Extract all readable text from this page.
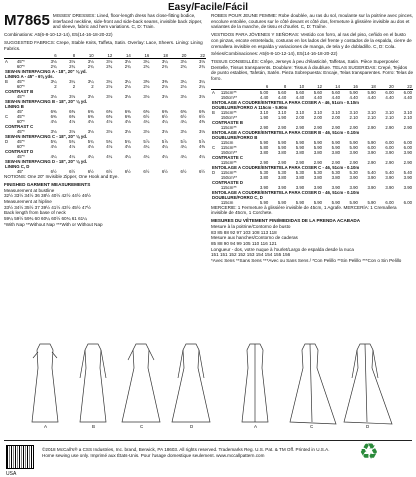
Easy/Facile/Fácil
M7865 MISSES' DRESSES: Lined, floor-length dress has close-fitting bodice, interfaced neckline, side-front and side-back seams, invisible back zipper, and sleeve, fabric and hem variations. C, D: Train.
Combinations: A5(6-8-10-12-14), E5(14-16-18-20-22)
SUGGESTED FABRICS: Crepe, Stable Knits, Taffeta, Satin. Overlay: Lace, Sheers. Lining: Lining Fabrics.
		6	8	10	12	14	16	18	20	22
A	45"*	3⅛	3⅛	3⅛	3⅛	3⅛	3¼	3¼	3⅛	3⅛
	60"*	2¾	2¾	2¾	2¾	2¾	2¾	2¾	2¾	2¾
SEW-IN INTERFACING A - 18", 20" ⅛ yd.										
LINING A - 45" - 6⅜ yds.										
B	45"*	3¼	3¼	3¼	3¼	3¼	3⅜	3⅜	3¼	3¼
	60"*	2	2	2	2⅛	2⅛	2⅛	2⅛	2⅛	2¼
CONTRAST B										
	45"*	3⅛	3⅛	3⅛	3⅛	3⅛	3⅛	3⅛	3⅛	3⅛
SEW-IN INTERFACING B - 18", 20" ⅛ yd.										
LINING B										
	45"	6⅜	6⅜	6⅜	6⅜	6⅜	6⅜	6⅜	6⅜	6⅜
C	45"*	6⅜	6⅜	6⅜	6⅜	6⅜	6½	6½	6½	6½
	60"*	4⅛	4⅛	4⅛	4⅛	4⅛	4¼	4¼	4¼	4⅜
CONTRAST C										
	45"*	3⅛	3⅛	3⅛	3⅛	3⅛	3⅛	3⅛	3⅛	3⅛
SEW-IN INTERFACING C - 18", 20" ⅛ yd.										
D	45"*	5¾	5¾	5¾	5¾	5¾	5⅞	5⅞	5⅞	5⅞
	60"*	4⅛	4⅛	4⅛	4⅛	4⅛	4¼	4¼	4¼	4⅜
CONTRAST D										
	45"*	4¼	4¼	4¼	4¼	4¼	4¼	4¼	4¼	4¼
SEW-IN INTERFACING D - 18", 20" ⅛ yd.										
LINING C, D										
	45"	6½	6½	6½	6½	6½	6½	6½	6½	6½
NOTIONS: One 20" Invisible Zipper, One Hook and Eye.
FINISHED GARMENT MEASUREMENTS
Measurement at bustline
32½ 33½ 34½ 36 38½ 40½ 42½ 44½ 46½
Measurement at hipline
33½ 34½ 35½ 37 39½ 41½ 43½ 45½ 47½
Back length from base of neck
59¼ 59½ 59¾ 60 60¼ 60½ 60¾ 61 61¼
*With Nap **Without Nap ***With or Without Nap
ROBES POUR JEUNE FEMME: Robe doublée, au ras du sol, moulante sur la poitrine avec pinces, encolure entoilée, coutures sur le côté devant et côté dos, fermeture à glissière invisible au dos et variantes de la manche, de tissu et d'ourlet. C, D: Traîne.
VESTIDOS PARA JÓVENES Y SEÑORAS: Vestido con forro, al ras del piso, ceñido en el busto con pinzas, escote entretelado, costuras en los lados del frente y costados de la espalda, cierre de cremallera invisible en espalda y variaciones de manga, de tela y de dobladillo. C, D: Cola.
Séries/Combinaciones: A5(6-8-10-12-14), E5(14-16-18-20-22)
TISSUS CONSEILLÉS: Crêpe, Jerseys à peu d'élasticité, Taffetas, Satin. Pièce Superposée: Dentelle, Tissus transparents. Doublure: Tissus à doublure. TELAS SUGERIDAS: Crepé, Tejidos de punto estables, Tafetán, Satén. Pieza Sobrepuesta: Encaje, Telas transparentes. Forro: Telas de forro.
		6	8	10	12	14	16	18	20	22
A	115cm**	5.00	5.60	5.60	5.60	5.60	5.90	5.90	6.00	6.00
	150cm**	4.40	4.40	4.40	4.40	4.40	4.40	4.40	4.40	4.40
ENTOILAGE A COUDRE/ENTRETELA PARA COSER A - 46, 51cm - 0.10m										
DOUBLURE/FORRO A 115cm - 5.90m										
B	115cm**	3.10	3.10	3.10	3.10	3.10	3.10	3.10	3.10	3.10
	150cm**	1.90	1.90	2.00	2.00	2.00	2.10	2.10	2.10	2.10
CONTRASTE B										
	115cm**	2.90	2.90	2.90	2.90	2.90	2.90	2.90	2.90	2.90
ENTOILAGE A COUDRE/ENTRETELA PARA COSER B - 46, 51cm - 0.10m										
DOUBLURE/FORRO B										
	115cm	5.90	5.90	5.90	5.90	5.90	5.90	5.90	6.00	6.00
C	115cm**	5.80	5.90	5.90	5.90	5.90	5.90	6.00	6.00	6.00
	150cm**	3.80	3.80	3.80	3.80	3.80	3.90	3.90	3.90	3.90
CONTRASTE C										
	115cm**	2.90	2.90	2.90	2.90	2.90	2.90	2.90	2.90	2.90
ENTOILAGE A COUDRE/ENTRETELA PARA COSER C - 46, 51cm - 0.10m										
D	115cm**	5.30	5.30	5.30	5.30	5.30	5.30	5.40	5.40	5.40
	150cm**	3.80	3.80	3.80	3.80	3.80	3.90	3.90	3.90	3.90
CONTRASTE D										
	115cm**	3.90	3.90	3.90	3.90	3.90	3.90	3.90	3.90	3.90
ENTOILAGE A COUDRE/ENTRETELA PARA COSER D - 46, 51cm - 0.10m										
DOUBLURE/FORRO C, D										
	115cm	5.90	5.90	5.90	5.90	5.90	5.90	5.90	6.00	6.00
MERCERIE: 1 Fermeture à glissière invisible de 45cm, 1 Agrafe. MERCERÍA: 1 Cremallera invisible de 45cm, 1 Corchete.
MESURES DU VÊTEMENT FINI/MEDIDAS DE LA PRENDA ACABADA
Mesure à la poitrine/Contorno de busto
83 85 88 92 97 103 108 113 118
Mesure aux hanches/Contorno de caderas
85 88 90 94 99 105 110 116 121
Longueur - dos, votre nuque à l'ourlet/Largo de espalda desde la nuca
151 151 152 152 153 154 154 155 156
*Avec Sens **Sans Sens ***Avec ou Sans Sens / *Con Pelillo **Sin Pelillo ***Con o Sin Pelillo
A	B	C	D	A	C	D
USA
©2018 McCall's® a CSS Industries, Inc. brand, Berwick, PA 18603. All rights reserved. Trademarks Reg. U.S. Pat. & TM Off. Printed in U.S.A. Home sewing use only. Imprimé aux États-Unis. Pour l'usage domestique seulement. www.mccallpattern.com	♻
